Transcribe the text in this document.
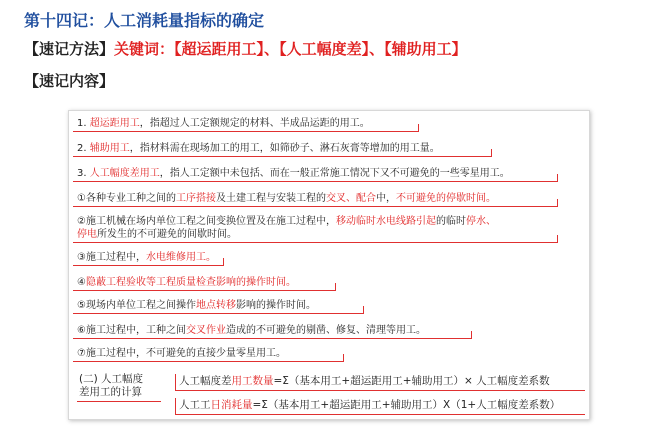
第十四记：人工消耗量指标的确定
【速记方法】关键词：【超运距用工】、【人工幅度差】、【辅助用工】
【速记内容】
1. 超运距用工，指超过人工定额规定的材料、半成品运距的用工。
2. 辅助用工，指材料需在现场加工的用工，如筛砂子、淋石灰膏等增加的用工量。
3. 人工幅度差用工，指人工定额中未包括、而在一般正常施工情况下又不可避免的一些零星用工。
①各种专业工种之间的工序搭接及土建工程与安装工程的交叉、配合中，不可避免的停歇时间。
②施工机械在场内单位工程之间变换位置及在施工过程中，移动临时水电线路引起的临时停水、
停电所发生的不可避免的间歇时间。
③施工过程中，水电维修用工。
④隐蔽工程验收等工程质量检查影响的操作时间。
⑤现场内单位工程之间操作地点转移影响的操作时间。
⑥施工过程中，工种之间交叉作业造成的不可避免的剔凿、修复、清理等用工。
⑦施工过程中，不可避免的直接少量零星用工。
(二) 人工幅度
差用工的计算
人工幅度差用工数量=Σ（基本用工+超运距用工+辅助用工）× 人工幅度差系数
人工工日消耗量=Σ（基本用工+超运距用工+辅助用工）X（1+人工幅度差系数）
